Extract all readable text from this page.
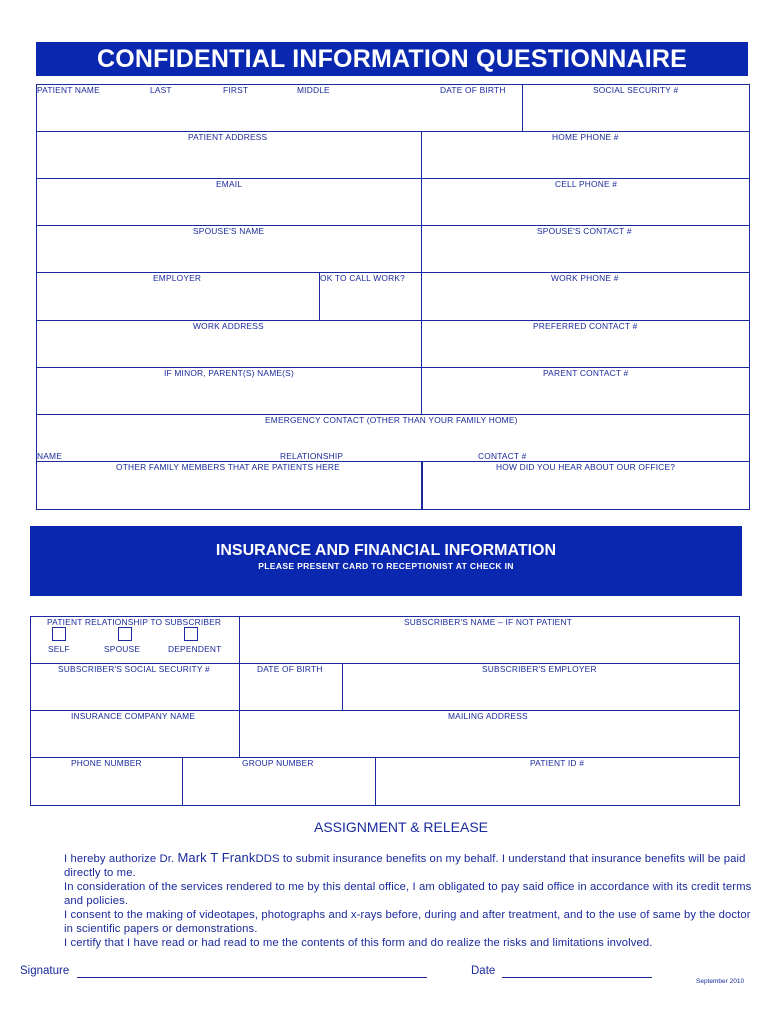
CONFIDENTIAL INFORMATION QUESTIONNAIRE
PATIENT NAME	LAST	FIRST	MIDDLE	DATE OF BIRTH	SOCIAL SECURITY #
PATIENT ADDRESS	HOME PHONE #
EMAIL	CELL PHONE #
SPOUSE'S NAME	SPOUSE'S CONTACT #
EMPLOYER	OK TO CALL WORK?	WORK PHONE #
WORK ADDRESS	PREFERRED CONTACT #
IF MINOR, PARENT(S) NAME(S)	PARENT CONTACT #
EMERGENCY CONTACT (OTHER THAN YOUR FAMILY HOME)
NAME	RELATIONSHIP	CONTACT #
OTHER FAMILY MEMBERS THAT ARE PATIENTS HERE	HOW DID YOU HEAR ABOUT OUR OFFICE?
INSURANCE AND FINANCIAL INFORMATION
PLEASE PRESENT CARD TO RECEPTIONIST AT CHECK IN
PATIENT RELATIONSHIP TO SUBSCRIBER
SELF	SPOUSE	DEPENDENT
SUBSCRIBER'S NAME – IF NOT PATIENT
SUBSCRIBER'S SOCIAL SECURITY #	DATE OF BIRTH	SUBSCRIBER'S EMPLOYER
INSURANCE COMPANY NAME	MAILING ADDRESS
PHONE NUMBER	GROUP NUMBER	PATIENT ID #
ASSIGNMENT & RELEASE
I hereby authorize Dr. Mark T FrankDDS to submit insurance benefits on my behalf. I understand that insurance benefits will be paid directly to me.
In consideration of the services rendered to me by this dental office, I am obligated to pay said office in accordance with its credit terms and policies.
I consent to the making of videotapes, photographs and x-rays before, during and after treatment, and to the use of same by the doctor in scientific papers or demonstrations.
I certify that I have read or had read to me the contents of this form and do realize the risks and limitations involved.
Signature	Date
September 2010
